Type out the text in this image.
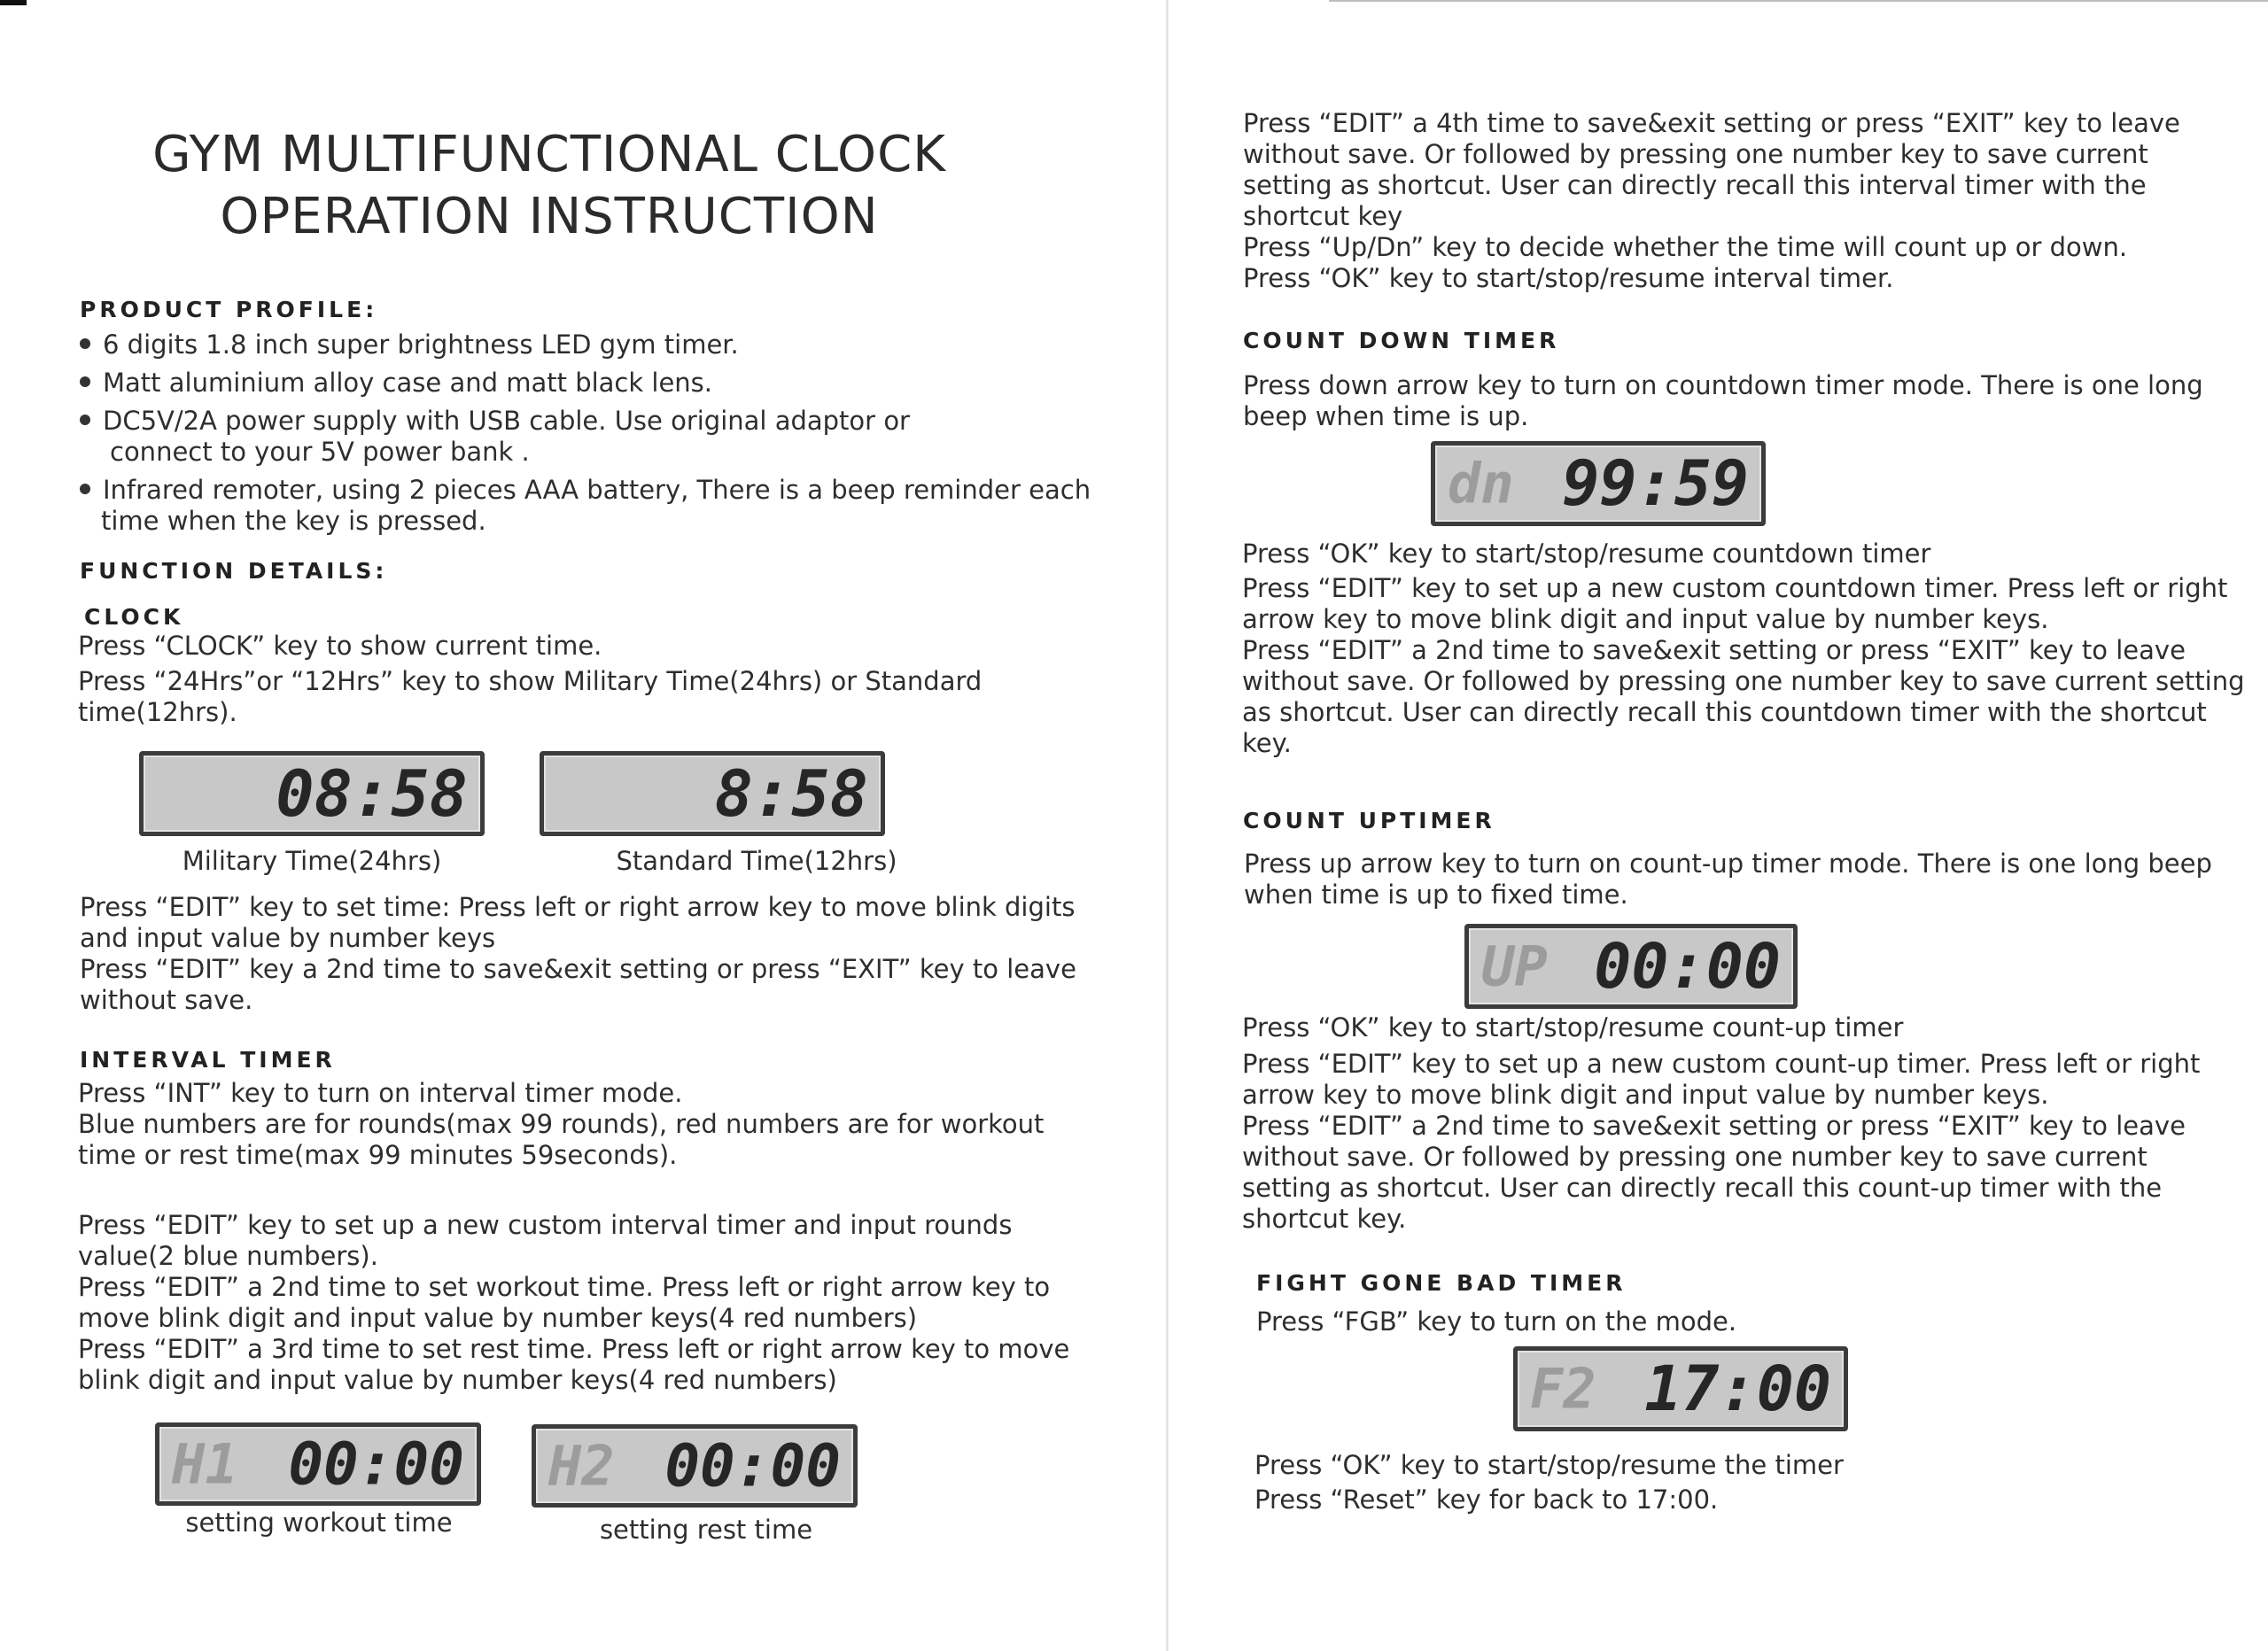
GYM MULTIFUNCTIONAL CLOCK
OPERATION INSTRUCTION
PRODUCT PROFILE:
6 digits 1.8 inch super brightness LED gym timer.
Matt aluminium alloy case and matt black lens.
DC5V/2A power supply with USB cable. Use original adaptor or
connect to your 5V power bank .
Infrared remoter, using 2 pieces AAA battery, There is a beep reminder each
time when the key is pressed.
FUNCTION DETAILS:
CLOCK
Press “CLOCK” key to show current time.
Press “24Hrs”or “12Hrs” key to show Military Time(24hrs) or Standard
time(12hrs).
08:58	8:58
Military Time(24hrs)	Standard Time(12hrs)
Press “EDIT” key to set time: Press left or right arrow key to move blink digits
and input value by number keys
Press “EDIT” key a 2nd time to save&exit setting or press “EXIT” key to leave
without save.
INTERVAL TIMER
Press “INT” key to turn on interval timer mode.
Blue numbers are for rounds(max 99 rounds), red numbers are for workout
time or rest time(max 99 minutes 59seconds).
Press “EDIT” key to set up a new custom interval timer and input rounds
value(2 blue numbers).
Press “EDIT” a 2nd time to set workout time. Press left or right arrow key to
move blink digit and input value by number keys(4 red numbers)
Press “EDIT” a 3rd time to set rest time. Press left or right arrow key to move
blink digit and input value by number keys(4 red numbers)
H1 00:00 H2 00:00
setting workout time	setting rest time
Press “EDIT” a 4th time to save&exit setting or press “EXIT” key to leave
without save. Or followed by pressing one number key to save current
setting as shortcut. User can directly recall this interval timer with the
shortcut key
Press “Up/Dn” key to decide whether the time will count up or down.
Press “OK” key to start/stop/resume interval timer.
COUNT DOWN TIMER
Press down arrow key to turn on countdown timer mode. There is one long
beep when time is up.
dn 99:59
Press “OK” key to start/stop/resume countdown timer
Press “EDIT” key to set up a new custom countdown timer. Press left or right
arrow key to move blink digit and input value by number keys.
Press “EDIT” a 2nd time to save&exit setting or press “EXIT” key to leave
without save. Or followed by pressing one number key to save current setting
as shortcut. User can directly recall this countdown timer with the shortcut
key.
COUNT UPTIMER
Press up arrow key to turn on count-up timer mode. There is one long beep
when time is up to fixed time.
UP 00:00
Press “OK” key to start/stop/resume count-up timer
Press “EDIT” key to set up a new custom count-up timer. Press left or right
arrow key to move blink digit and input value by number keys.
Press “EDIT” a 2nd time to save&exit setting or press “EXIT” key to leave
without save. Or followed by pressing one number key to save current
setting as shortcut. User can directly recall this count-up timer with the
shortcut key.
FIGHT GONE BAD TIMER
Press “FGB” key to turn on the mode.
F2 17:00
Press “OK” key to start/stop/resume the timer
Press “Reset” key for back to 17:00.
